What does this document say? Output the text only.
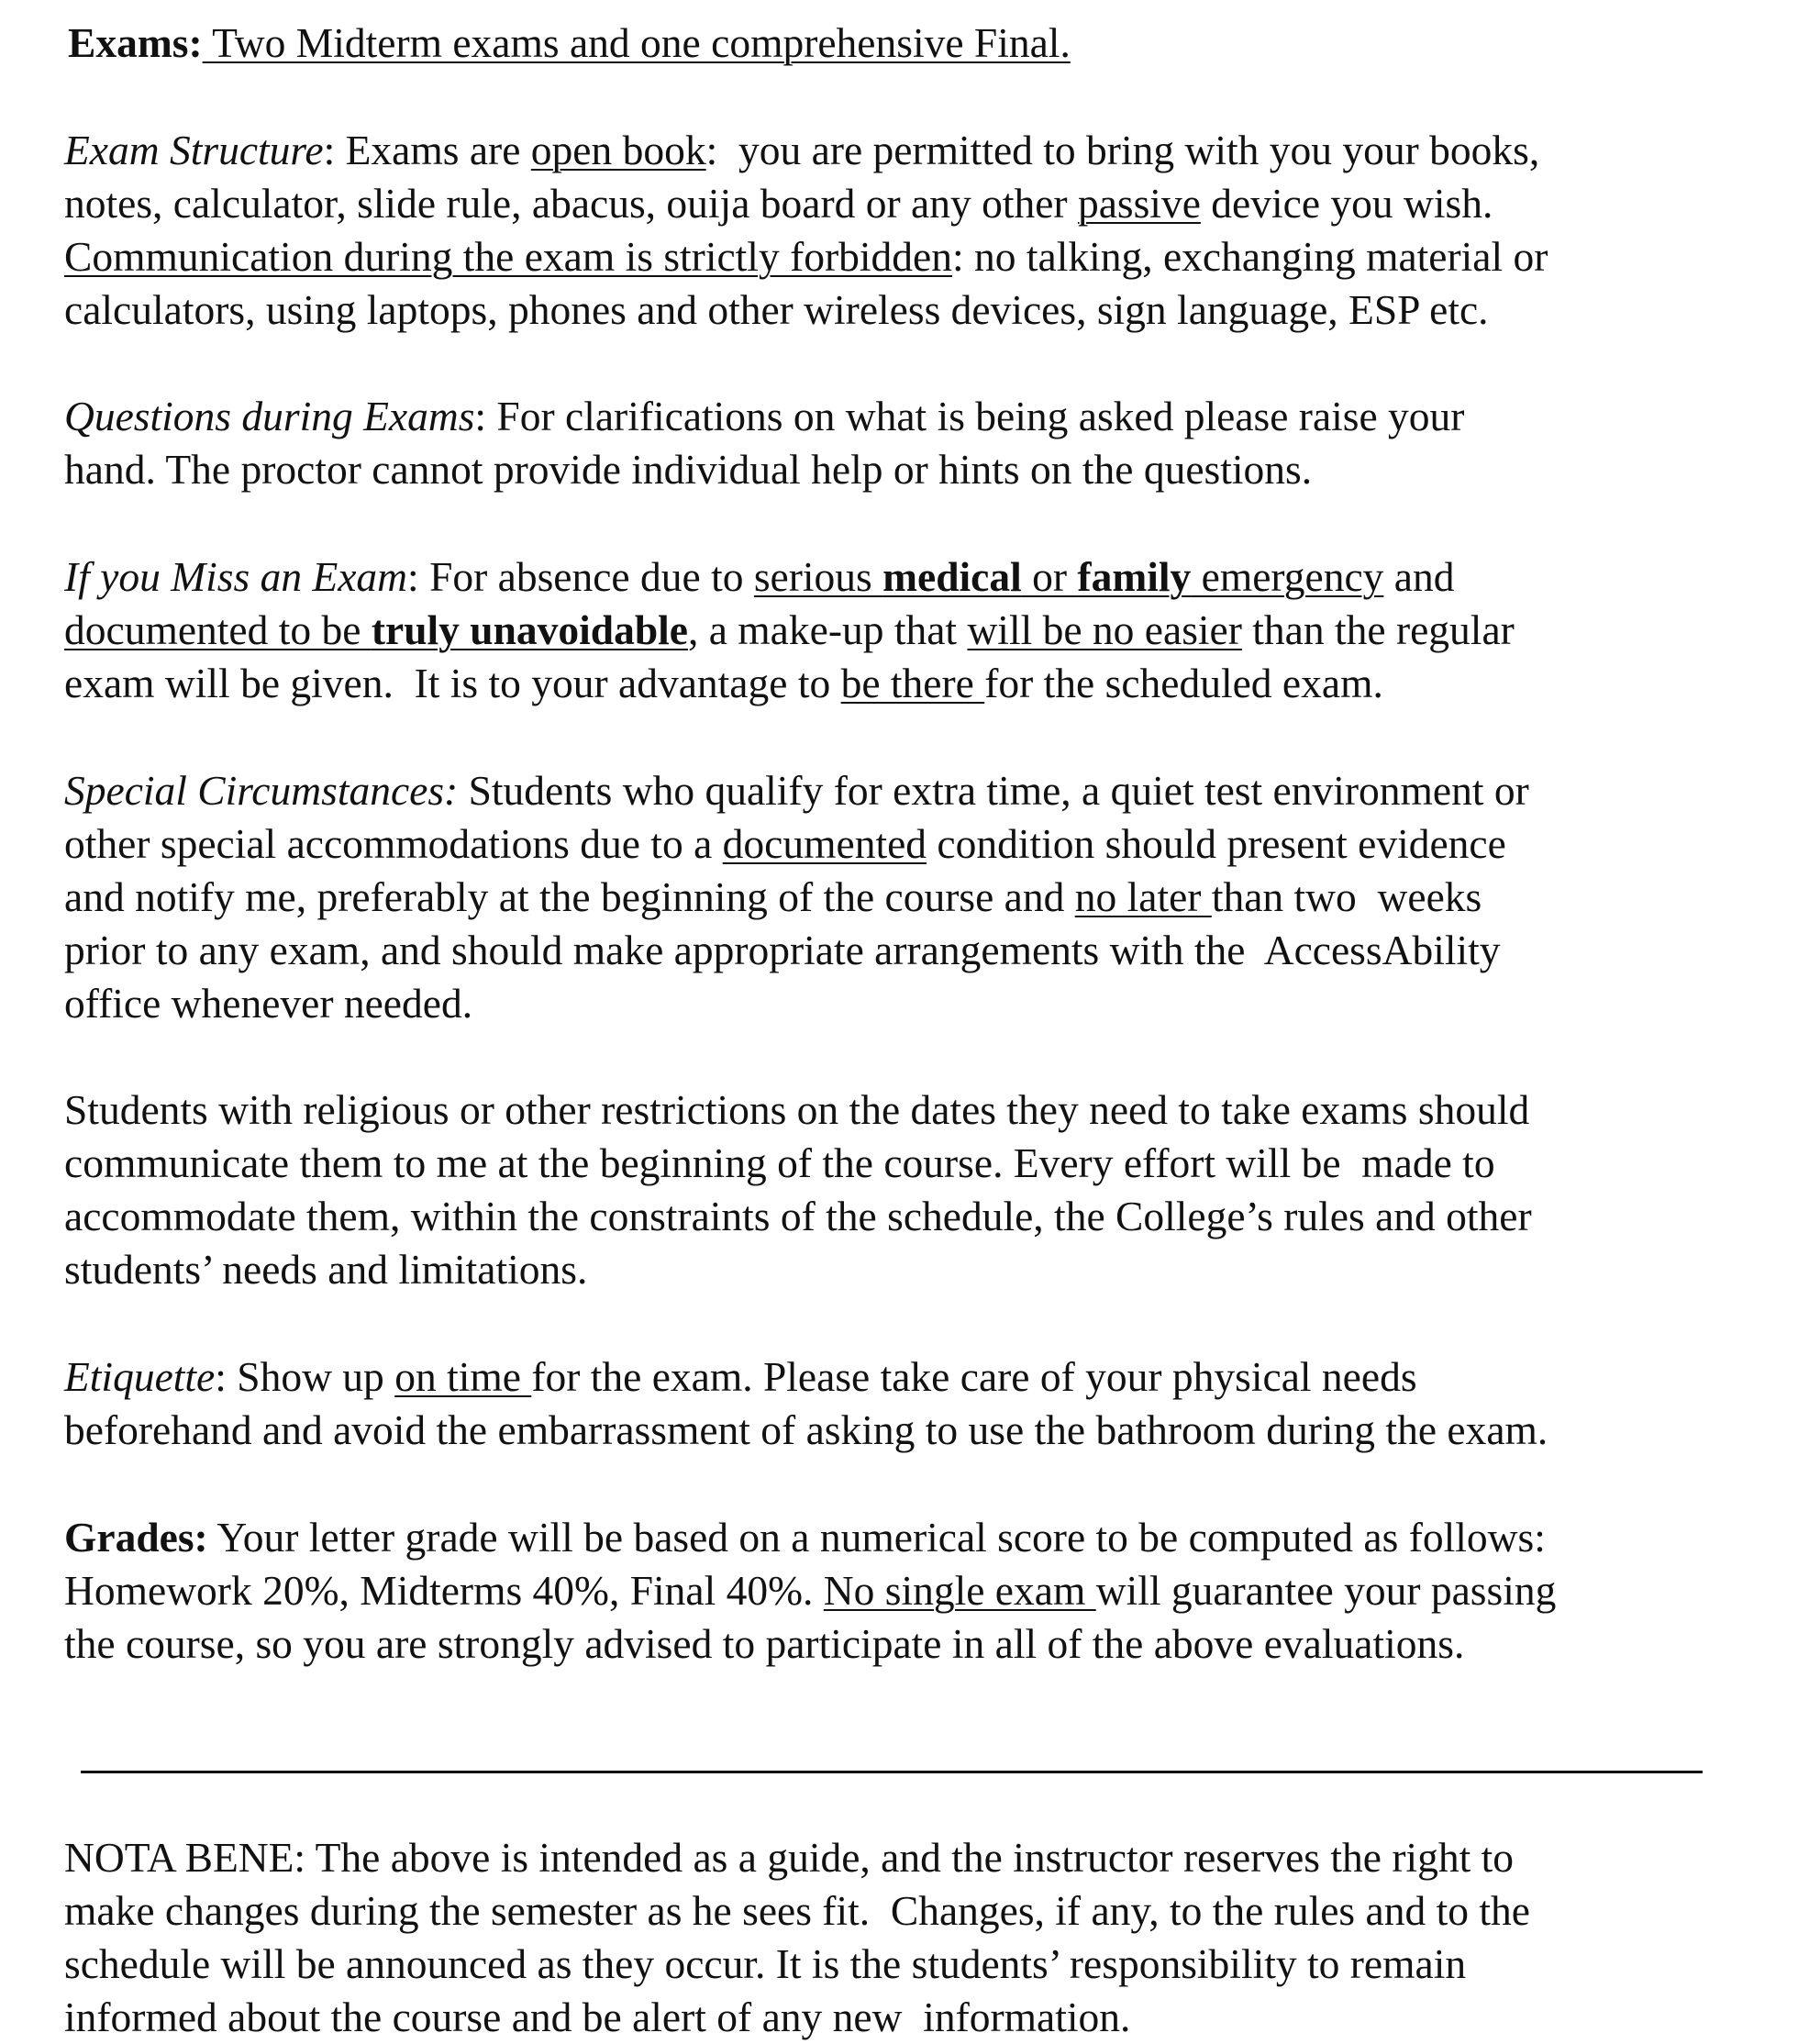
Exams: Two Midterm exams and one comprehensive Final.

Exam Structure: Exams are open book:  you are permitted to bring with you your books,

notes, calculator, slide rule, abacus, ouija board or any other passive device you wish.

Communication during the exam is strictly forbidden: no talking, exchanging material or

calculators, using laptops, phones and other wireless devices, sign language, ESP etc.

Questions during Exams: For clarifications on what is being asked please raise your

hand. The proctor cannot provide individual help or hints on the questions.

If you Miss an Exam: For absence due to serious medical or family emergency and

documented to be truly unavoidable, a make-up that will be no easier than the regular

exam will be given.  It is to your advantage to be there for the scheduled exam.

Special Circumstances: Students who qualify for extra time, a quiet test environment or

other special accommodations due to a documented condition should present evidence

and notify me, preferably at the beginning of the course and no later than two  weeks

prior to any exam, and should make appropriate arrangements with the  AccessAbility

office whenever needed.

Students with religious or other restrictions on the dates they need to take exams should

communicate them to me at the beginning of the course. Every effort will be  made to

accommodate them, within the constraints of the schedule, the College’s rules and other

students’ needs and limitations.

Etiquette: Show up on time for the exam. Please take care of your physical needs

beforehand and avoid the embarrassment of asking to use the bathroom during the exam.

Grades: Your letter grade will be based on a numerical score to be computed as follows:

Homework 20%, Midterms 40%, Final 40%. No single exam will guarantee your passing

the course, so you are strongly advised to participate in all of the above evaluations.

NOTA BENE: The above is intended as a guide, and the instructor reserves the right to

make changes during the semester as he sees fit.  Changes, if any, to the rules and to the

schedule will be announced as they occur. It is the students’ responsibility to remain

informed about the course and be alert of any new  information.
